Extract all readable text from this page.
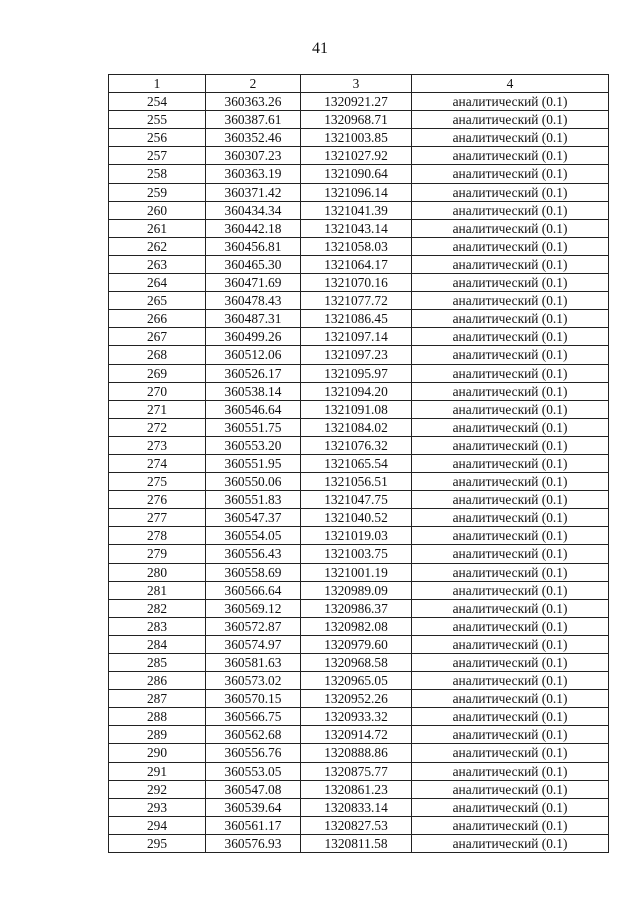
41
1	2	3	4
254	360363.26	1320921.27	аналитический (0.1)
255	360387.61	1320968.71	аналитический (0.1)
256	360352.46	1321003.85	аналитический (0.1)
257	360307.23	1321027.92	аналитический (0.1)
258	360363.19	1321090.64	аналитический (0.1)
259	360371.42	1321096.14	аналитический (0.1)
260	360434.34	1321041.39	аналитический (0.1)
261	360442.18	1321043.14	аналитический (0.1)
262	360456.81	1321058.03	аналитический (0.1)
263	360465.30	1321064.17	аналитический (0.1)
264	360471.69	1321070.16	аналитический (0.1)
265	360478.43	1321077.72	аналитический (0.1)
266	360487.31	1321086.45	аналитический (0.1)
267	360499.26	1321097.14	аналитический (0.1)
268	360512.06	1321097.23	аналитический (0.1)
269	360526.17	1321095.97	аналитический (0.1)
270	360538.14	1321094.20	аналитический (0.1)
271	360546.64	1321091.08	аналитический (0.1)
272	360551.75	1321084.02	аналитический (0.1)
273	360553.20	1321076.32	аналитический (0.1)
274	360551.95	1321065.54	аналитический (0.1)
275	360550.06	1321056.51	аналитический (0.1)
276	360551.83	1321047.75	аналитический (0.1)
277	360547.37	1321040.52	аналитический (0.1)
278	360554.05	1321019.03	аналитический (0.1)
279	360556.43	1321003.75	аналитический (0.1)
280	360558.69	1321001.19	аналитический (0.1)
281	360566.64	1320989.09	аналитический (0.1)
282	360569.12	1320986.37	аналитический (0.1)
283	360572.87	1320982.08	аналитический (0.1)
284	360574.97	1320979.60	аналитический (0.1)
285	360581.63	1320968.58	аналитический (0.1)
286	360573.02	1320965.05	аналитический (0.1)
287	360570.15	1320952.26	аналитический (0.1)
288	360566.75	1320933.32	аналитический (0.1)
289	360562.68	1320914.72	аналитический (0.1)
290	360556.76	1320888.86	аналитический (0.1)
291	360553.05	1320875.77	аналитический (0.1)
292	360547.08	1320861.23	аналитический (0.1)
293	360539.64	1320833.14	аналитический (0.1)
294	360561.17	1320827.53	аналитический (0.1)
295	360576.93	1320811.58	аналитический (0.1)
